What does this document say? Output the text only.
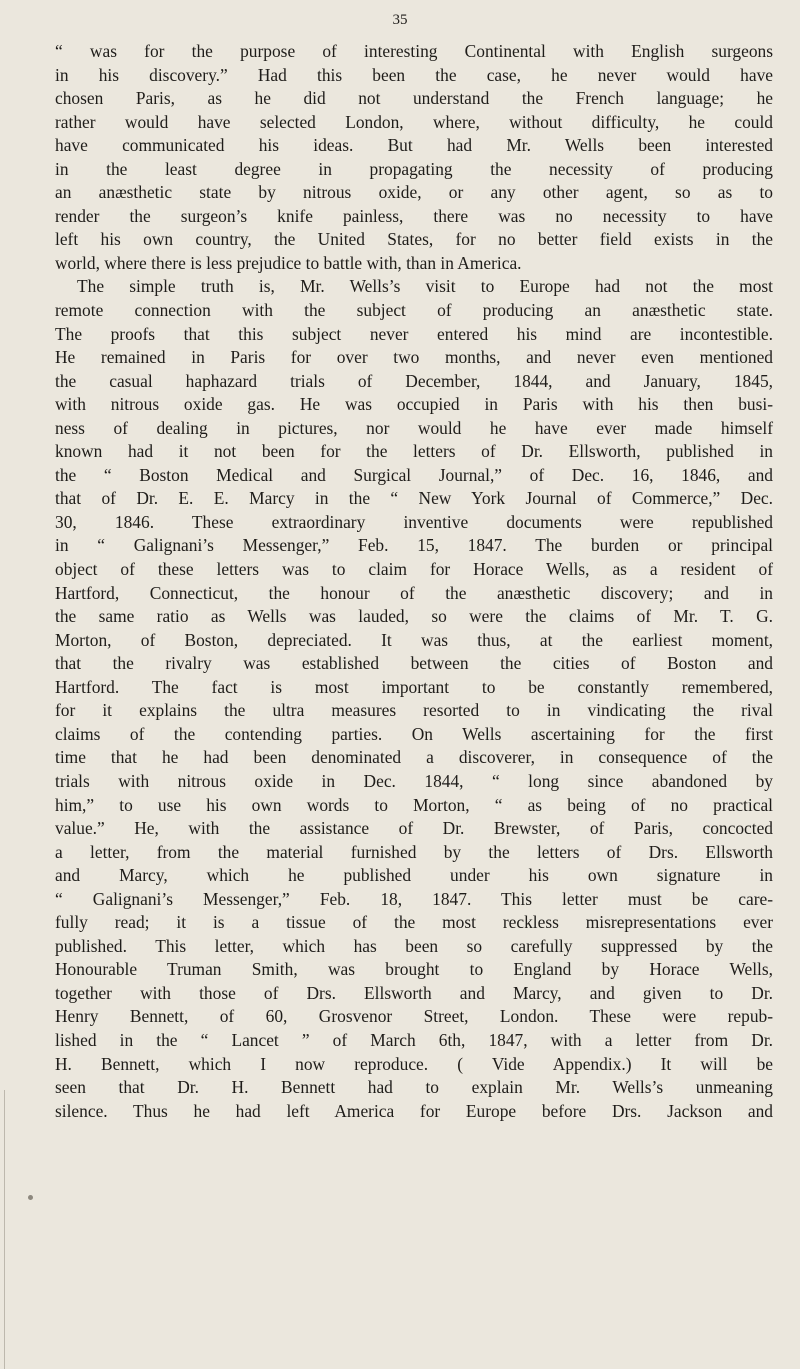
35
“ was for the purpose of interesting Continental with English surgeons
in his discovery.” Had this been the case, he never would have
chosen Paris, as he did not understand the French language; he
rather would have selected London, where, without difficulty, he could
have communicated his ideas. But had Mr. Wells been interested
in the least degree in propagating the necessity of producing
an anæsthetic state by nitrous oxide, or any other agent, so as to
render the surgeon’s knife painless, there was no necessity to have
left his own country, the United States, for no better field exists in the
world, where there is less prejudice to battle with, than in America.
The simple truth is, Mr. Wells’s visit to Europe had not the most
remote connection with the subject of producing an anæsthetic state.
The proofs that this subject never entered his mind are incontestible.
He remained in Paris for over two months, and never even mentioned
the casual haphazard trials of December, 1844, and January, 1845,
with nitrous oxide gas. He was occupied in Paris with his then busi-
ness of dealing in pictures, nor would he have ever made himself
known had it not been for the letters of Dr. Ellsworth, published in
the “ Boston Medical and Surgical Journal,” of Dec. 16, 1846, and
that of Dr. E. E. Marcy in the “ New York Journal of Commerce,” Dec.
30, 1846. These extraordinary inventive documents were republished
in “ Galignani’s Messenger,” Feb. 15, 1847. The burden or principal
object of these letters was to claim for Horace Wells, as a resident of
Hartford, Connecticut, the honour of the anæsthetic discovery; and in
the same ratio as Wells was lauded, so were the claims of Mr. T. G.
Morton, of Boston, depreciated. It was thus, at the earliest moment,
that the rivalry was established between the cities of Boston and
Hartford. The fact is most important to be constantly remembered,
for it explains the ultra measures resorted to in vindicating the rival
claims of the contending parties. On Wells ascertaining for the first
time that he had been denominated a discoverer, in consequence of the
trials with nitrous oxide in Dec. 1844, “ long since abandoned by
him,” to use his own words to Morton, “ as being of no practical
value.” He, with the assistance of Dr. Brewster, of Paris, concocted
a letter, from the material furnished by the letters of Drs. Ellsworth
and Marcy, which he published under his own signature in
“ Galignani’s Messenger,” Feb. 18, 1847. This letter must be care-
fully read; it is a tissue of the most reckless misrepresentations ever
published. This letter, which has been so carefully suppressed by the
Honourable Truman Smith, was brought to England by Horace Wells,
together with those of Drs. Ellsworth and Marcy, and given to Dr.
Henry Bennett, of 60, Grosvenor Street, London. These were repub-
lished in the “ Lancet ” of March 6th, 1847, with a letter from Dr.
H. Bennett, which I now reproduce. ( Vide Appendix.) It will be
seen that Dr. H. Bennett had to explain Mr. Wells’s unmeaning
silence. Thus he had left America for Europe before Drs. Jackson and
